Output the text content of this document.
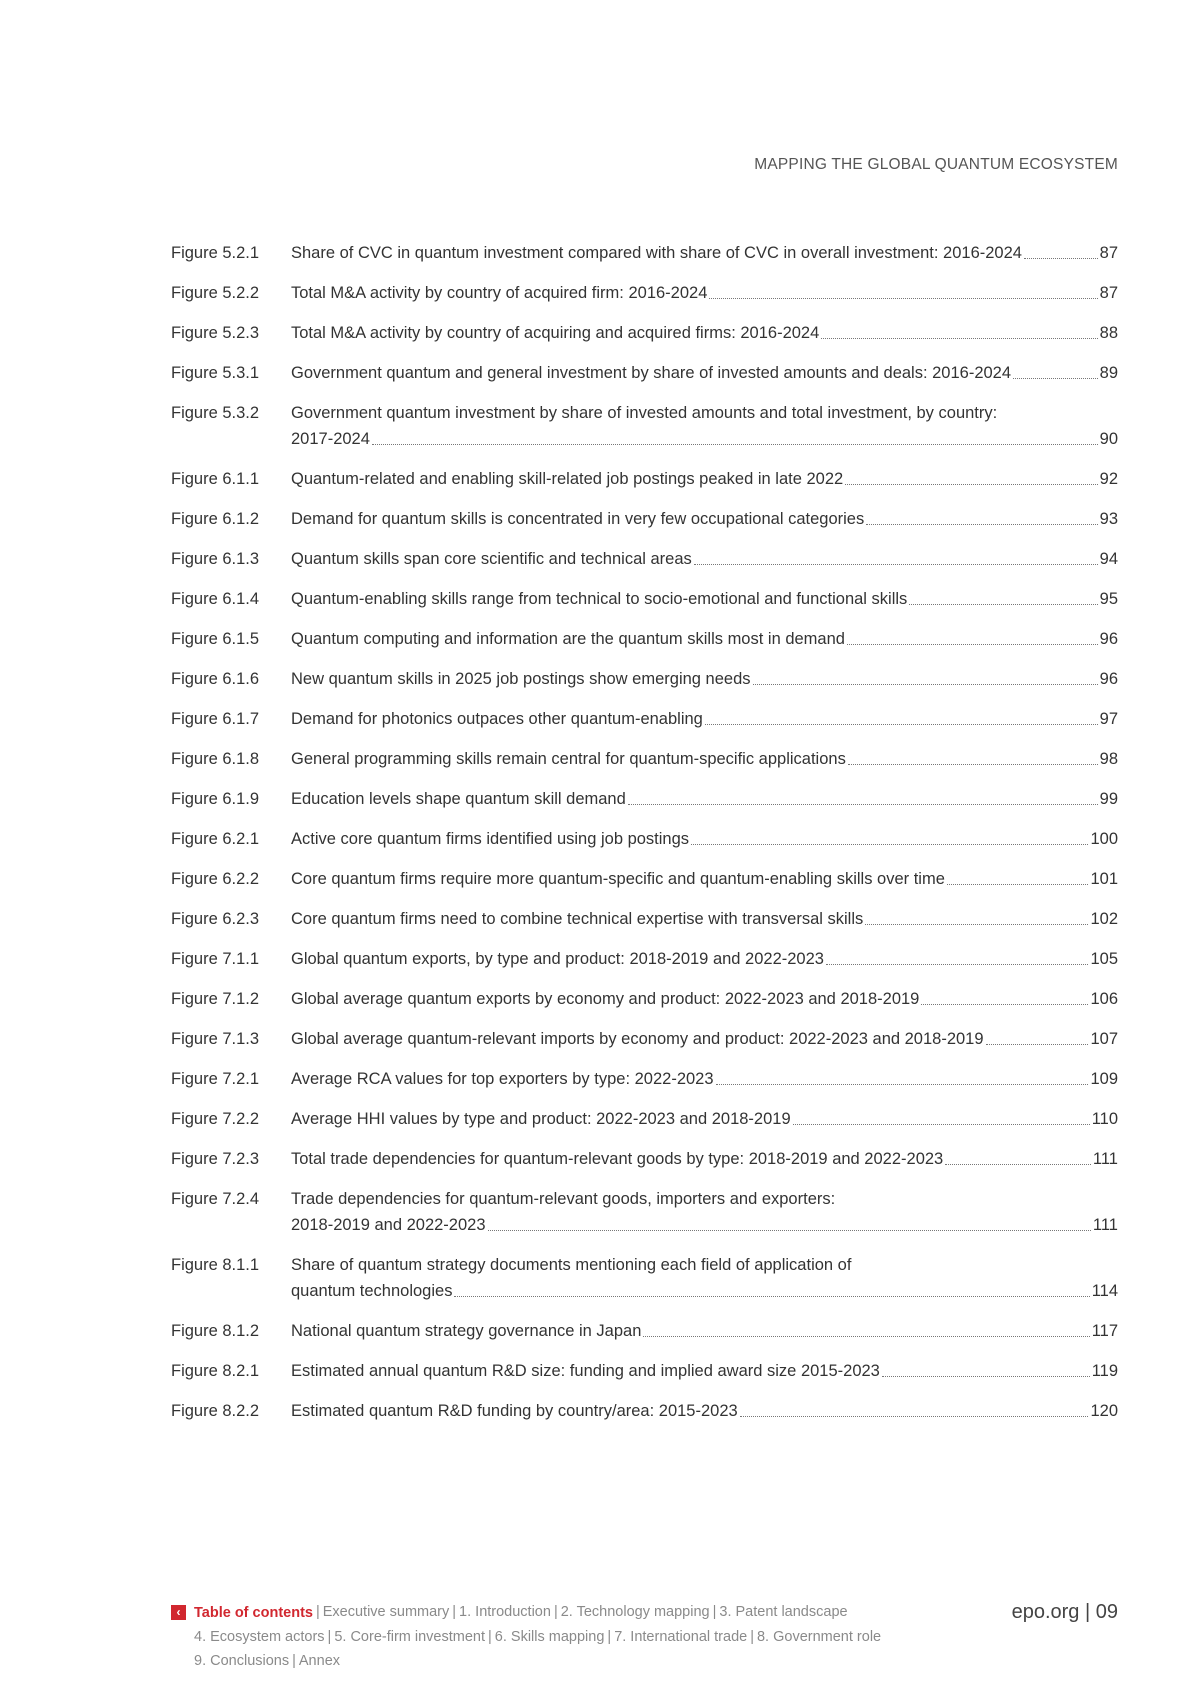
MAPPING THE GLOBAL QUANTUM ECOSYSTEM
Figure 5.2.1	Share of CVC in quantum investment compared with share of CVC in overall investment: 2016-2024	87
Figure 5.2.2	Total M&A activity by country of acquired firm: 2016-2024	87
Figure 5.2.3	Total M&A activity by country of acquiring and acquired firms: 2016-2024	88
Figure 5.3.1	Government quantum and general investment by share of invested amounts and deals: 2016-2024	89
Figure 5.3.2	Government quantum investment by share of invested amounts and total investment, by country:
2017-2024	90
Figure 6.1.1	Quantum-related and enabling skill-related job postings peaked in late 2022	92
Figure 6.1.2	Demand for quantum skills is concentrated in very few occupational categories	93
Figure 6.1.3	Quantum skills span core scientific and technical areas	94
Figure 6.1.4	Quantum-enabling skills range from technical to socio-emotional and functional skills	95
Figure 6.1.5	Quantum computing and information are the quantum skills most in demand	96
Figure 6.1.6	New quantum skills in 2025 job postings show emerging needs	96
Figure 6.1.7	Demand for photonics outpaces other quantum-enabling	97
Figure 6.1.8	General programming skills remain central for quantum-specific applications	98
Figure 6.1.9	Education levels shape quantum skill demand	99
Figure 6.2.1	Active core quantum firms identified using job postings	100
Figure 6.2.2	Core quantum firms require more quantum-specific and quantum-enabling skills over time	101
Figure 6.2.3	Core quantum firms need to combine technical expertise with transversal skills	102
Figure 7.1.1	Global quantum exports, by type and product: 2018-2019 and 2022-2023	105
Figure 7.1.2	Global average quantum exports by economy and product: 2022-2023 and 2018-2019	106
Figure 7.1.3	Global average quantum-relevant imports by economy and product: 2022-2023 and 2018-2019	107
Figure 7.2.1	Average RCA values for top exporters by type: 2022-2023	109
Figure 7.2.2	Average HHI values by type and product: 2022-2023 and 2018-2019	110
Figure 7.2.3	Total trade dependencies for quantum-relevant goods by type: 2018-2019 and 2022-2023	111
Figure 7.2.4	Trade dependencies for quantum-relevant goods, importers and exporters:
2018-2019 and 2022-2023	111
Figure 8.1.1	Share of quantum strategy documents mentioning each field of application of
quantum technologies	114
Figure 8.1.2	National quantum strategy governance in Japan	117
Figure 8.2.1	Estimated annual quantum R&D size: funding and implied award size 2015-2023	119
Figure 8.2.2	Estimated quantum R&D funding by country/area: 2015-2023	120
‹ Table of contents | Executive summary | 1. Introduction | 2. Technology mapping | 3. Patent landscape
4. Ecosystem actors | 5. Core-firm investment | 6. Skills mapping | 7. International trade | 8. Government role
9. Conclusions | Annex
epo.org | 09
